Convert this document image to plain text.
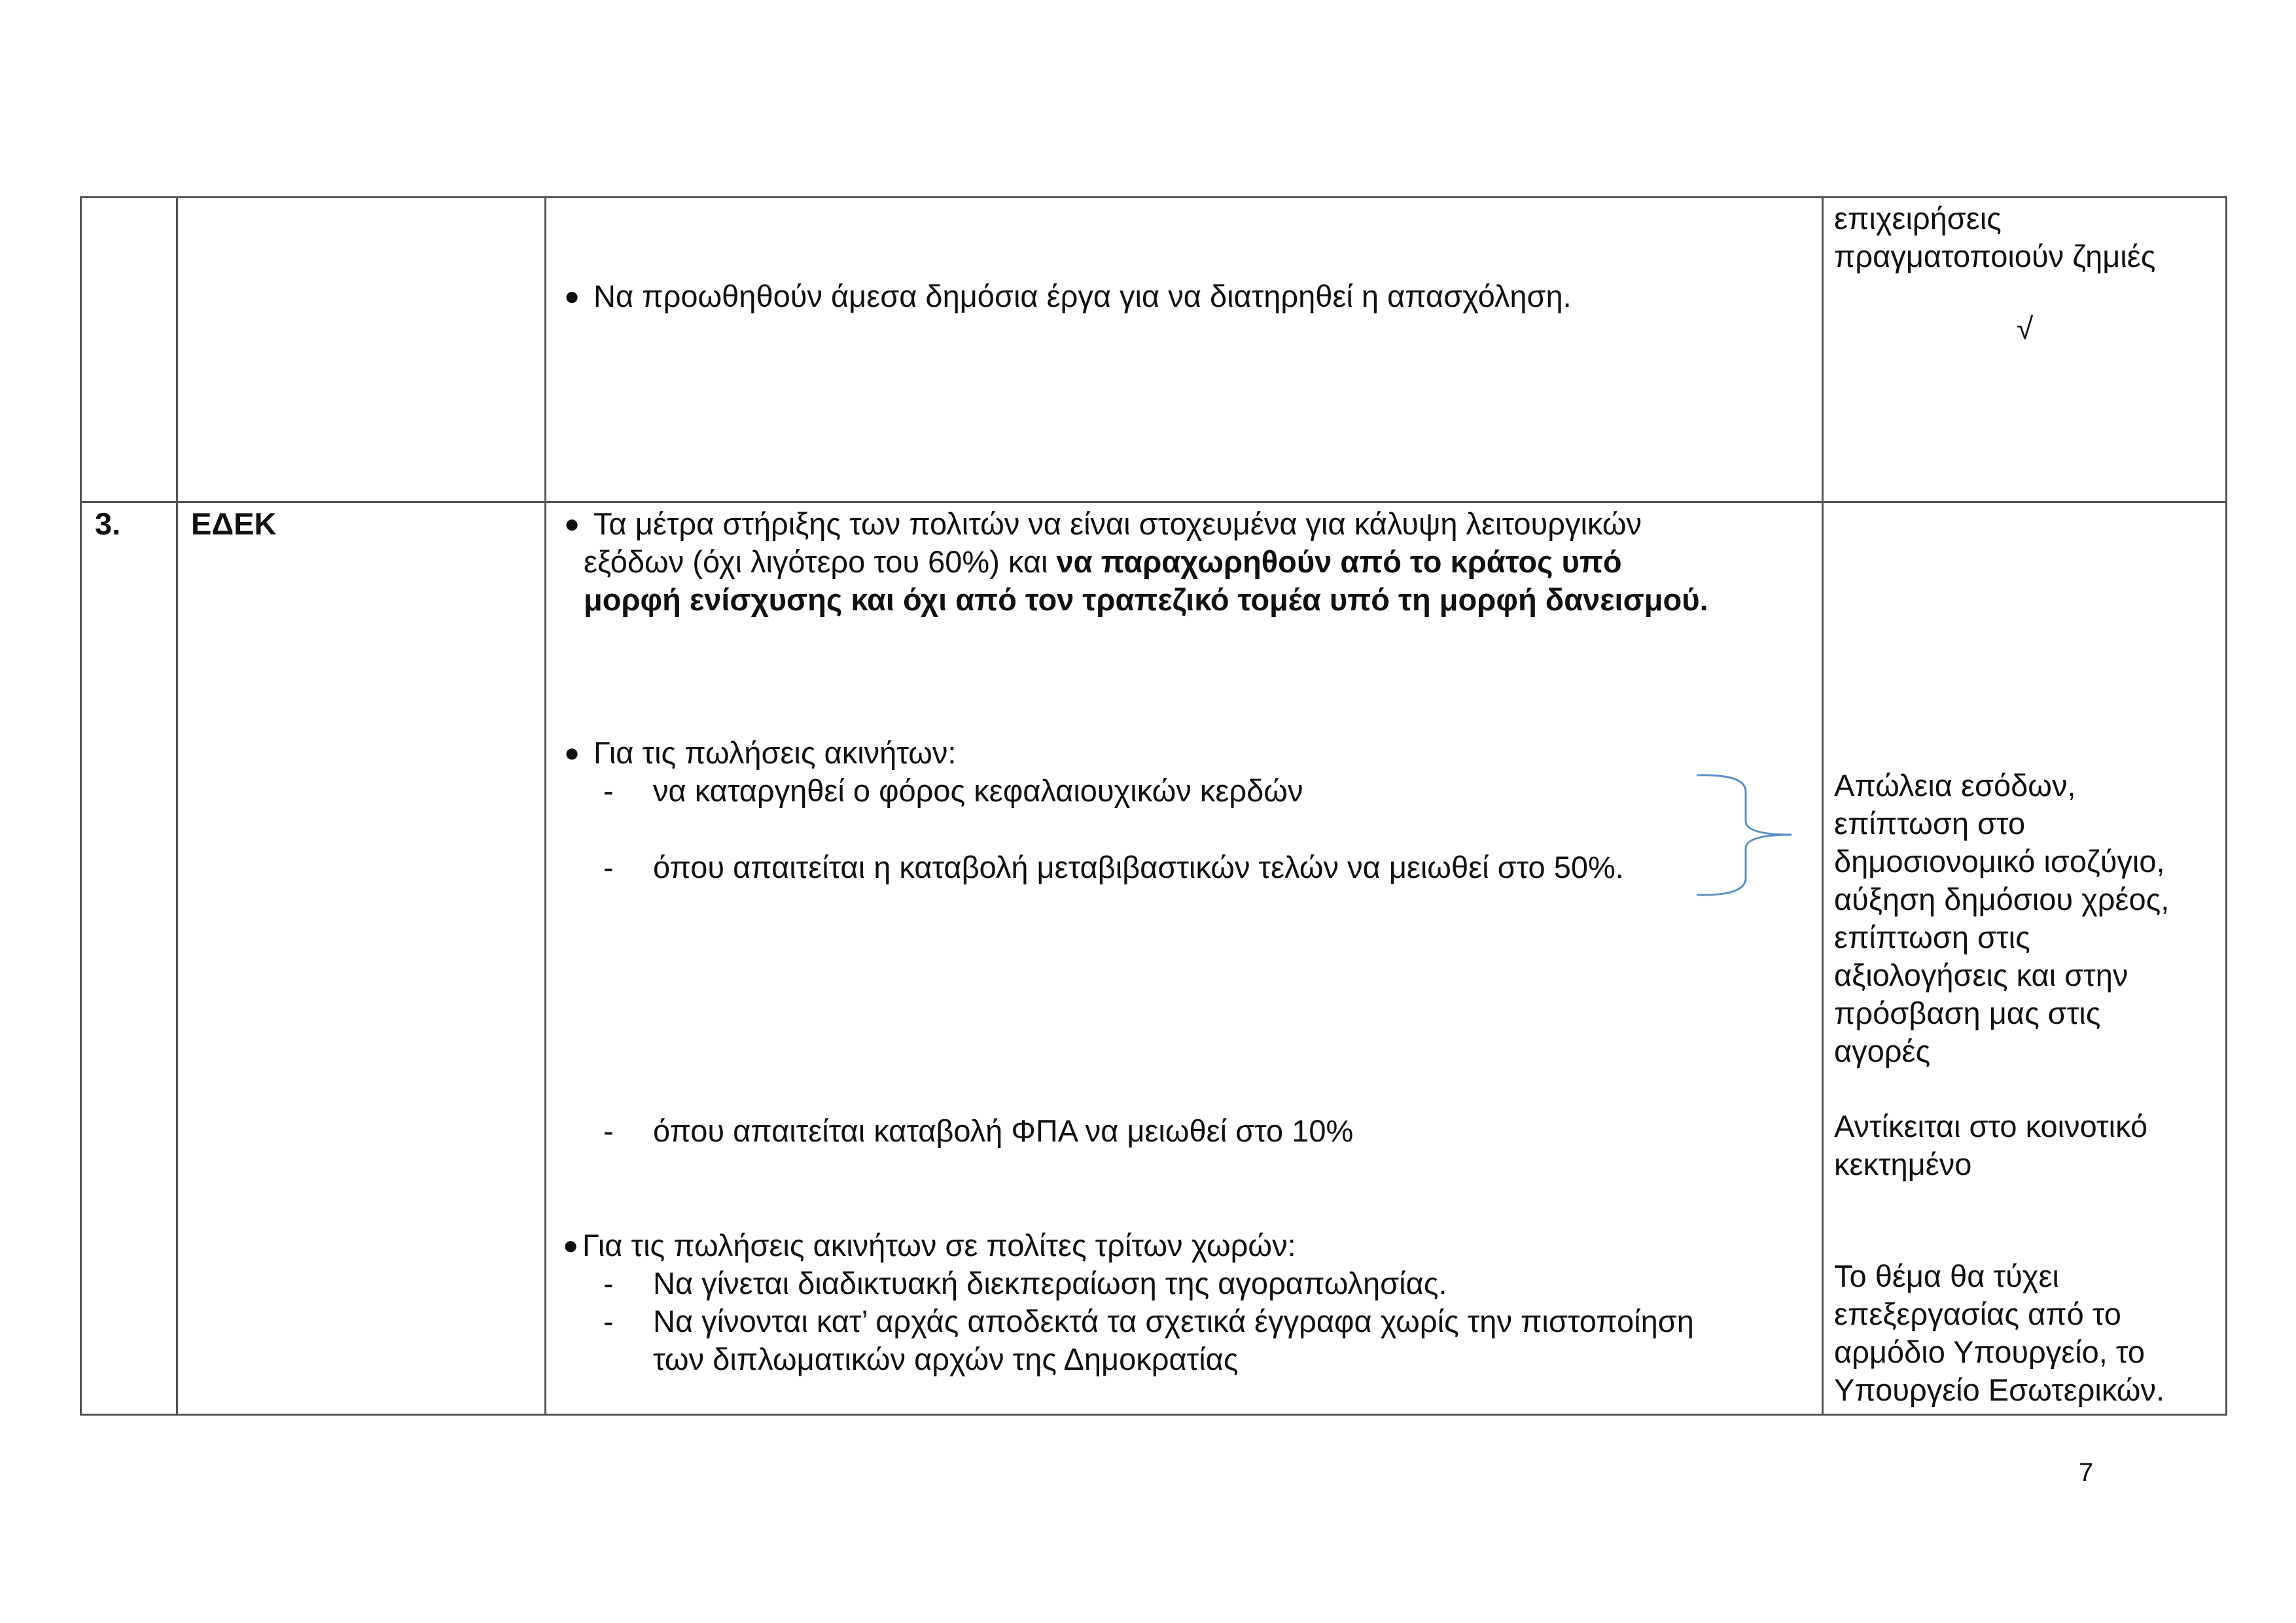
● Να προωθηθούν άμεσα δημόσια έργα για να διατηρηθεί η απασχόληση.
επιχειρήσεις
πραγματοποιούν ζημιές
√
3. ΕΔΕΚ	● Τα μέτρα στήριξης των πολιτών να είναι στοχευμένα για κάλυψη λειτουργικών
εξόδων (όχι λιγότερο του 60%) και να παραχωρηθούν από το κράτος υπό
μορφή ενίσχυσης και όχι από τον τραπεζικό τομέα υπό τη μορφή δανεισμού.
● Για τις πωλήσεις ακινήτων:
- να καταργηθεί ο φόρος κεφαλαιουχικών κερδών
- όπου απαιτείται η καταβολή μεταβιβαστικών τελών να μειωθεί στο 50%.
- όπου απαιτείται καταβολή ΦΠΑ να μειωθεί στο 10%
● Για τις πωλήσεις ακινήτων σε πολίτες τρίτων χωρών:
- Να γίνεται διαδικτυακή διεκπεραίωση της αγοραπωλησίας.
- Να γίνονται κατ’ αρχάς αποδεκτά τα σχετικά έγγραφα χωρίς την πιστοποίηση
των διπλωματικών αρχών της Δημοκρατίας
Απώλεια εσόδων,
επίπτωση στο
δημοσιονομικό ισοζύγιο,
αύξηση δημόσιου χρέος,
επίπτωση στις
αξιολογήσεις και στην
πρόσβαση μας στις
αγορές
Αντίκειται στο κοινοτικό
κεκτημένο
Το θέμα θα τύχει
επεξεργασίας από το
αρμόδιο Υπουργείο, το
Υπουργείο Εσωτερικών.
7
